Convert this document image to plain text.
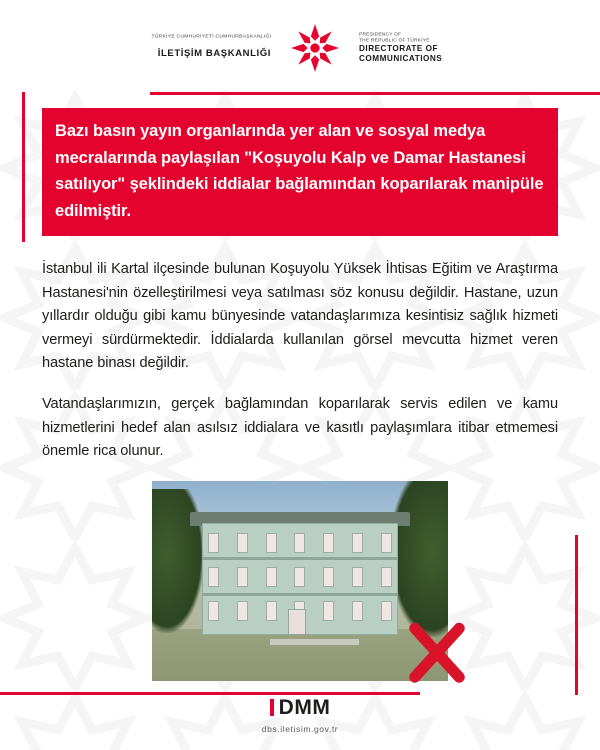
TÜRKİYE CUMHURİYETİ CUMHURBAŞKANLIĞI
İLETİŞİM BAŞKANLIĞI
PRESIDENCY OF
THE REPUBLIC OF TÜRKİYE
DIRECTORATE OF
COMMUNICATIONS
Bazı basın yayın organlarında yer alan ve sosyal medya mecralarında paylaşılan "Koşuyolu Kalp ve Damar Hastanesi satılıyor" şeklindeki iddialar bağlamından koparılarak manipüle edilmiştir.

İstanbul ili Kartal ilçesinde bulunan Koşuyolu Yüksek İhtisas Eğitim ve Araştırma Hastanesi'nin özelleştirilmesi veya satılması söz konusu değildir. Hastane, uzun yıllardır olduğu gibi kamu bünyesinde vatandaşlarımıza kesintisiz sağlık hizmeti vermeyi sürdürmektedir. İddialarda kullanılan görsel mevcutta hizmet veren hastane binası değildir.

Vatandaşlarımızın, gerçek bağlamından koparılarak servis edilen ve kamu hizmetlerini hedef alan asılsız iddialara ve kasıtlı paylaşımlara itibar etmemesi önemle rica olunur.

DMM
dbs.iletisim.gov.tr
